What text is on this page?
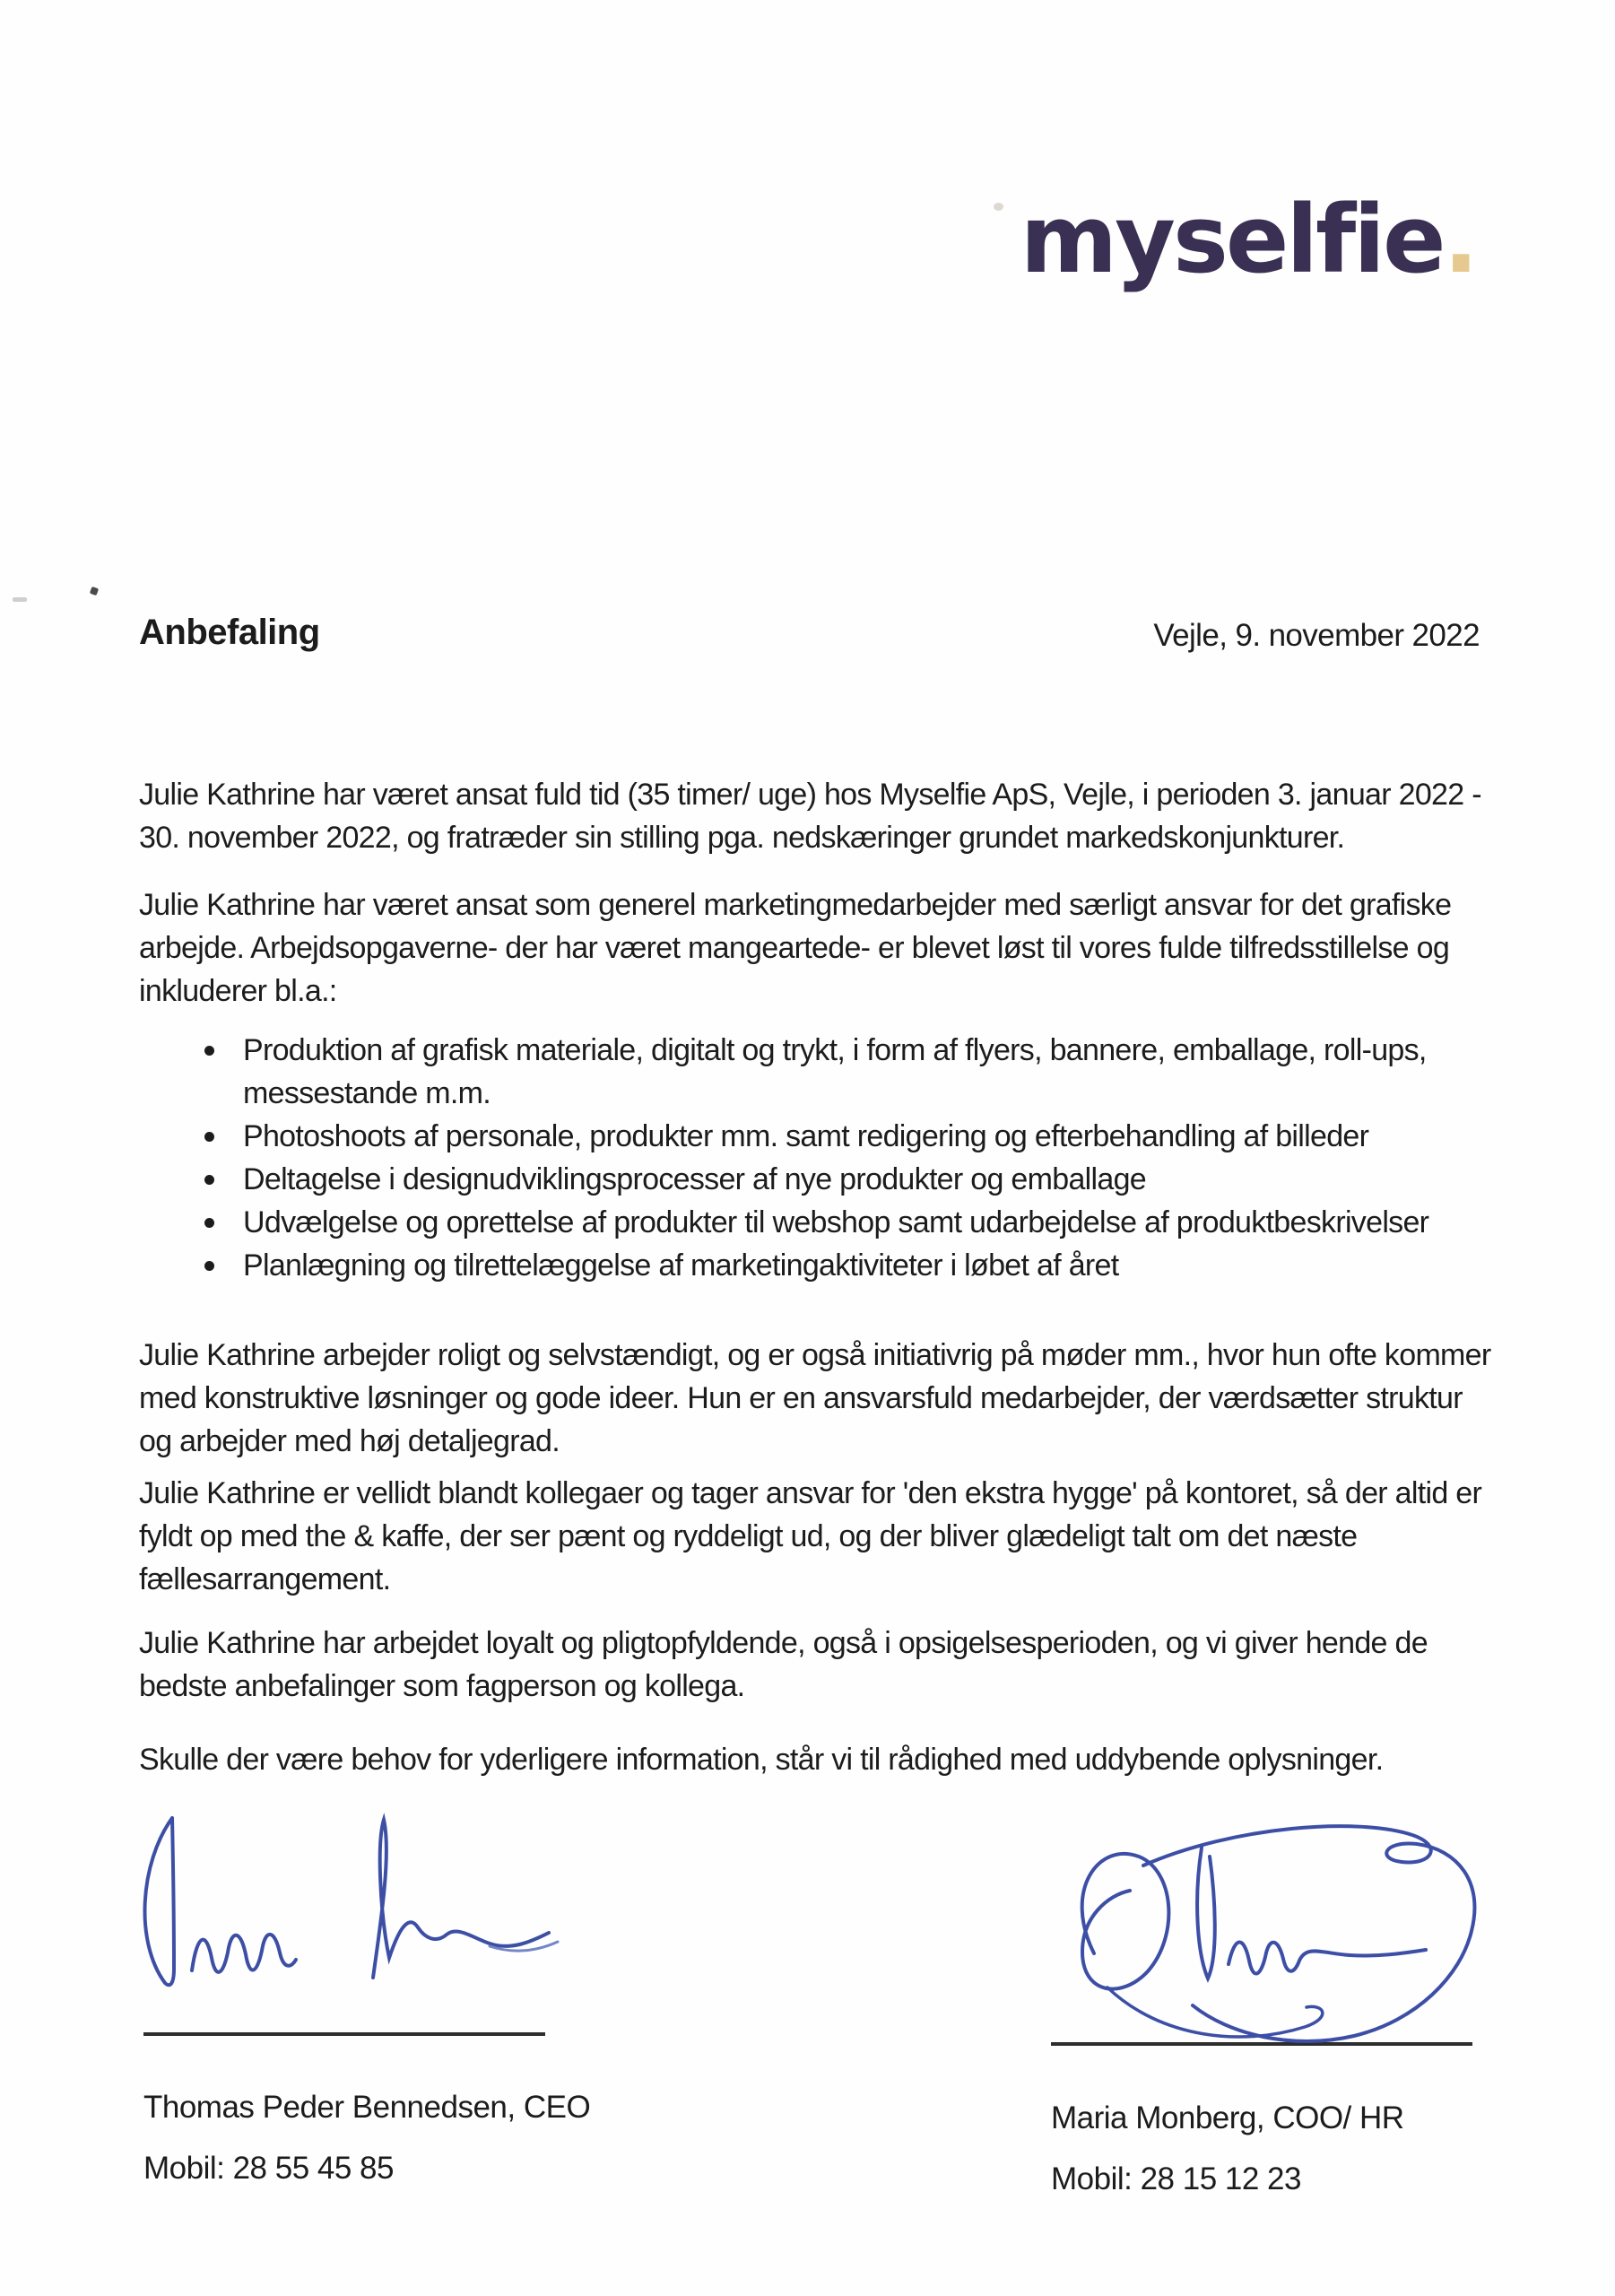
myselfie.
Anbefaling	Vejle, 9. november 2022

Julie Kathrine har været ansat fuld tid (35 timer/ uge) hos Myselfie ApS, Vejle, i perioden 3. januar 2022 - 30. november 2022, og fratræder sin stilling pga. nedskæringer grundet markedskonjunkturer.

Julie Kathrine har været ansat som generel marketingmedarbejder med særligt ansvar for det grafiske arbejde. Arbejdsopgaverne- der har været mangeartede- er blevet løst til vores fulde tilfredsstillelse og inkluderer bl.a.:

Produktion af grafisk materiale, digitalt og trykt, i form af flyers, bannere, emballage, roll-ups, messestande m.m.
Photoshoots af personale, produkter mm. samt redigering og efterbehandling af billeder
Deltagelse i designudviklingsprocesser af nye produkter og emballage
Udvælgelse og oprettelse af produkter til webshop samt udarbejdelse af produktbeskrivelser
Planlægning og tilrettelæggelse af marketingaktiviteter i løbet af året

Julie Kathrine arbejder roligt og selvstændigt, og er også initiativrig på møder mm., hvor hun ofte kommer med konstruktive løsninger og gode ideer. Hun er en ansvarsfuld medarbejder, der værdsætter struktur og arbejder med høj detaljegrad.

Julie Kathrine er vellidt blandt kollegaer og tager ansvar for 'den ekstra hygge' på kontoret, så der altid er fyldt op med the & kaffe, der ser pænt og ryddeligt ud, og der bliver glædeligt talt om det næste fællesarrangement.

Julie Kathrine har arbejdet loyalt og pligtopfyldende, også i opsigelsesperioden, og vi giver hende de bedste anbefalinger som fagperson og kollega.

Skulle der være behov for yderligere information, står vi til rådighed med uddybende oplysninger.

Thomas Peder Bennedsen, CEO
Mobil: 28 55 45 85
Maria Monberg, COO/ HR
Mobil: 28 15 12 23
